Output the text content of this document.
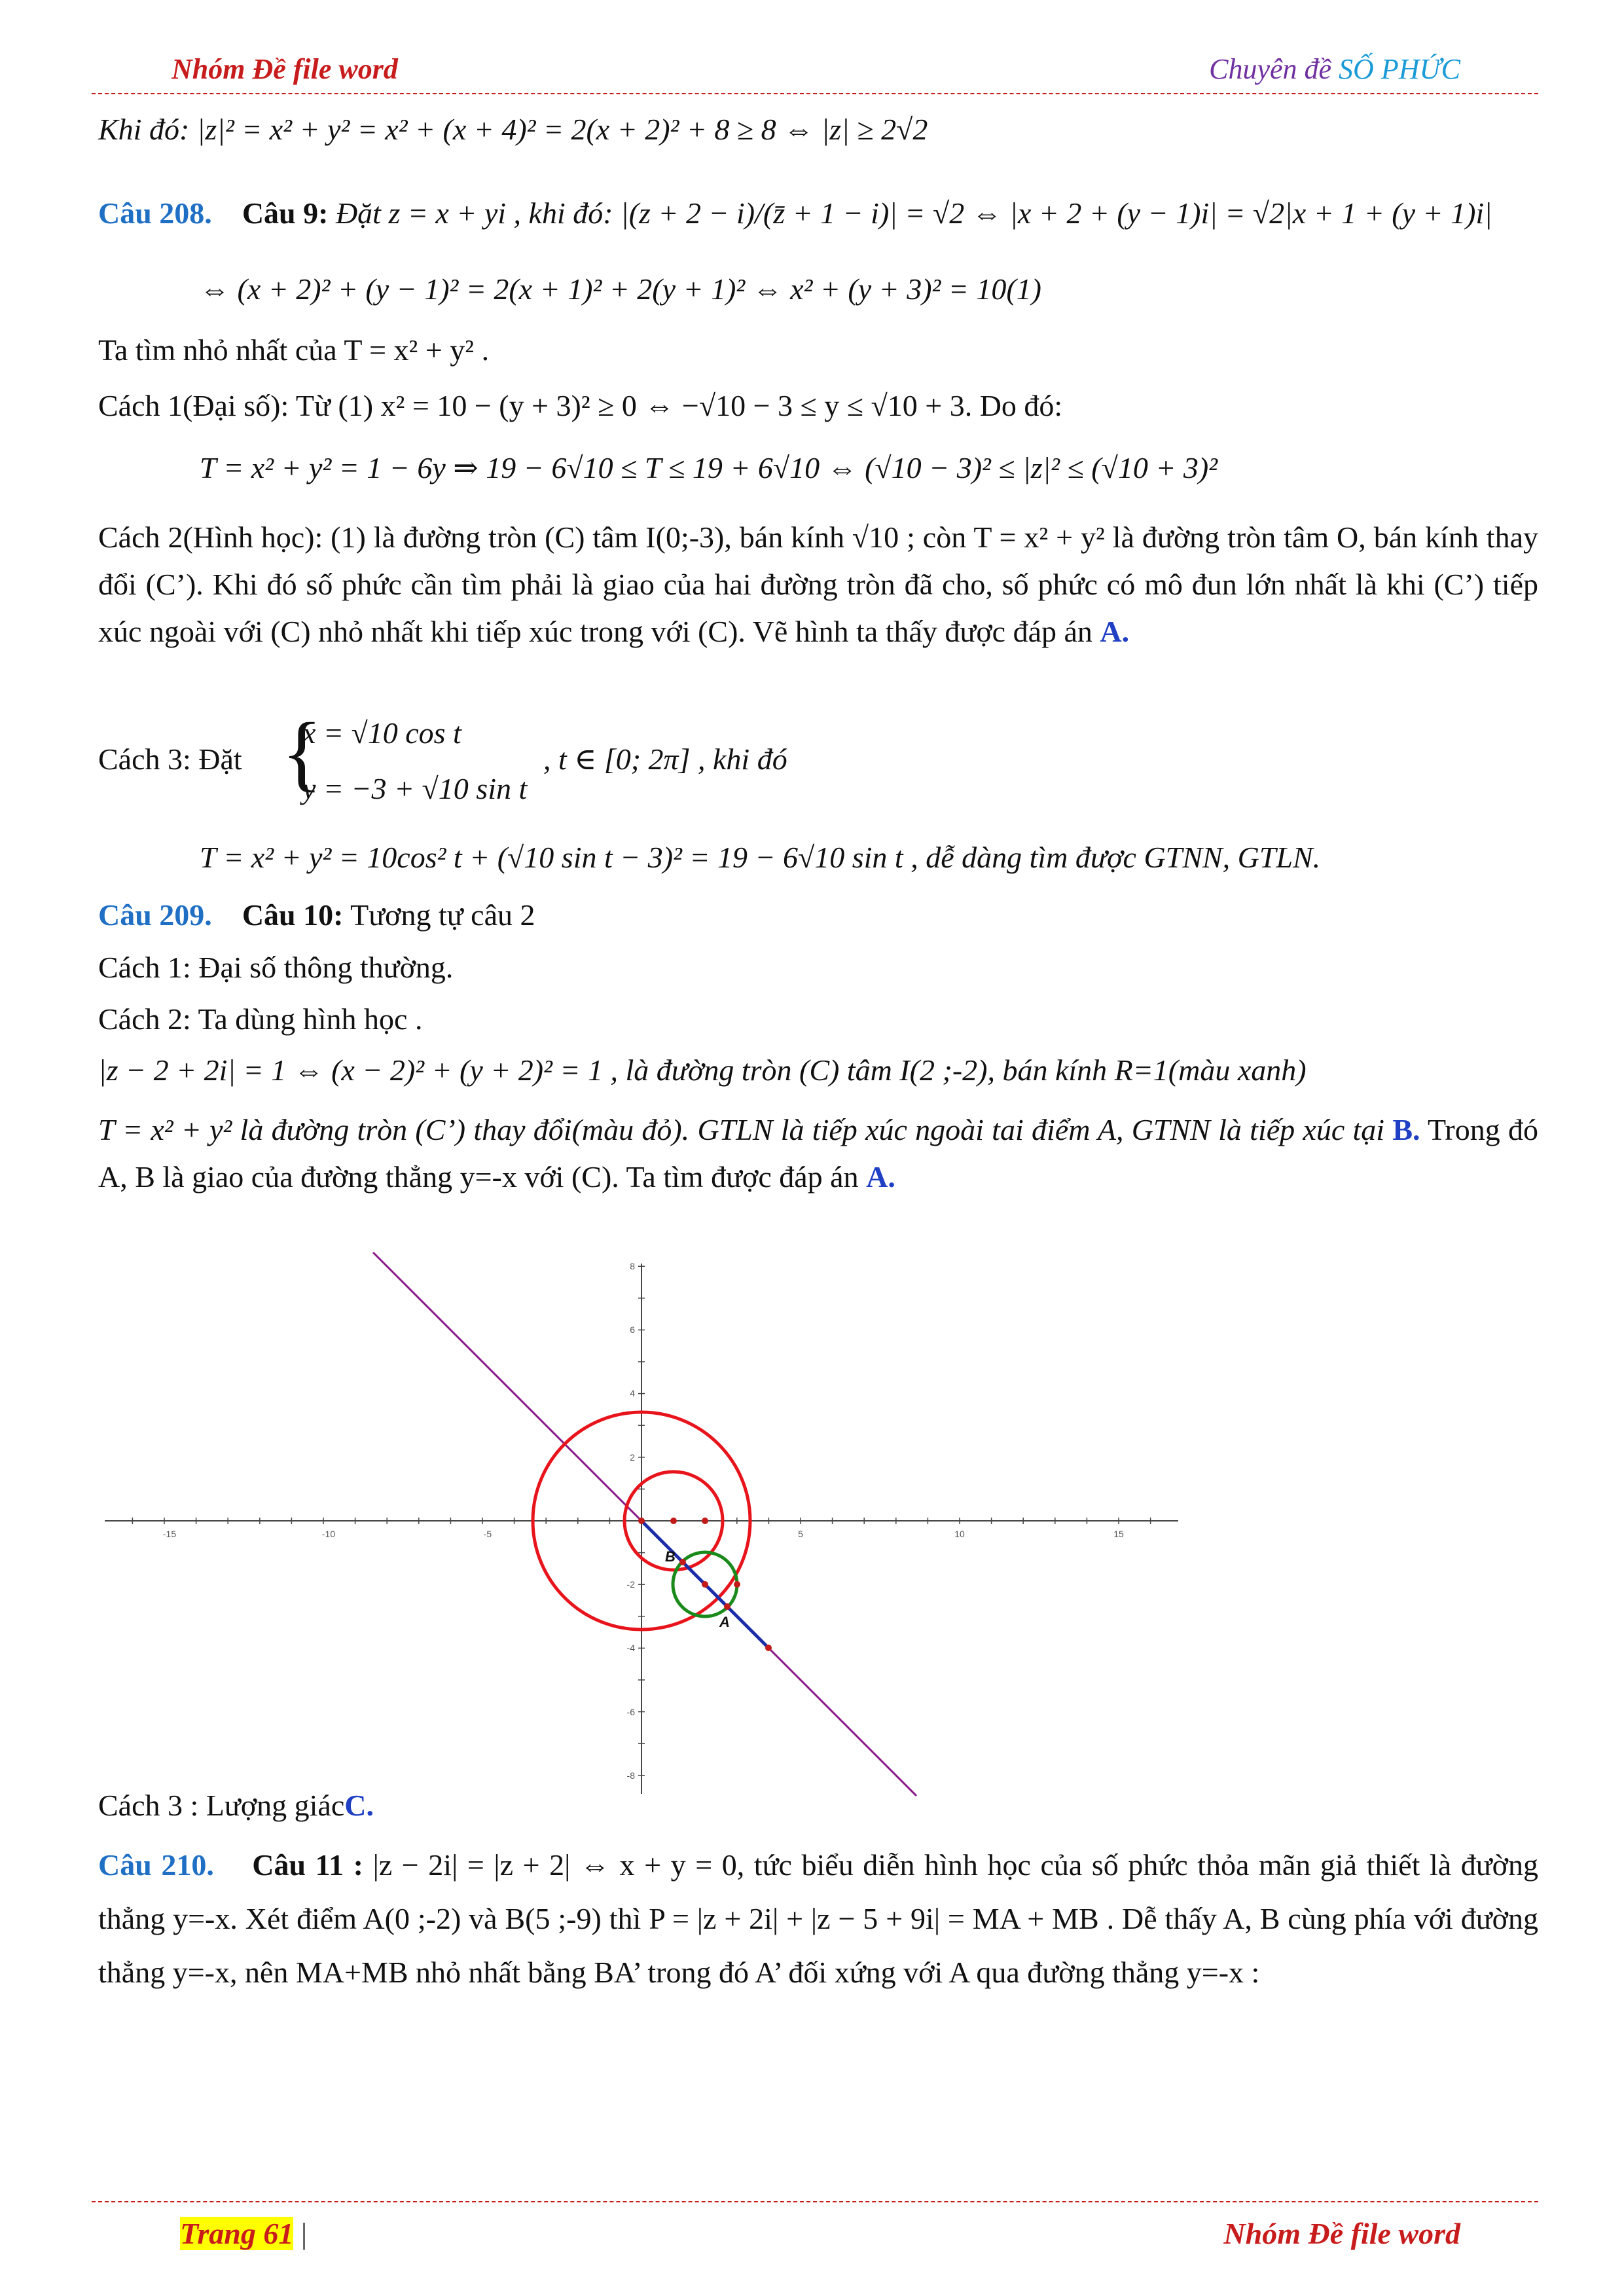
Nhóm Đề file word	Chuyên đề SỐ PHỨC
Khi đó: |z|² = x² + y² = x² + (x + 4)² = 2(x + 2)² + 8 ≥ 8 ⇔ |z| ≥ 2√2
Câu 208. Câu 9: Đặt z = x + yi , khi đó: |(z + 2 − i)/(z̄ + 1 − i)| = √2 ⇔ |x + 2 + (y − 1)i| = √2|x + 1 + (y + 1)i|
⇔ (x + 2)² + (y − 1)² = 2(x + 1)² + 2(y + 1)² ⇔ x² + (y + 3)² = 10(1)
Ta tìm nhỏ nhất của T = x² + y² .
Cách 1(Đại số): Từ (1) x² = 10 − (y + 3)² ≥ 0 ⇔ −√10 − 3 ≤ y ≤ √10 + 3. Do đó:
T = x² + y² = 1 − 6y ⇒ 19 − 6√10 ≤ T ≤ 19 + 6√10 ⇔ (√10 − 3)² ≤ |z|² ≤ (√10 + 3)²
Cách 2(Hình học): (1) là đường tròn (C) tâm I(0;-3), bán kính √10 ; còn T = x² + y² là đường tròn tâm O, bán kính thay đổi (C’). Khi đó số phức cần tìm phải là giao của hai đường tròn đã cho, số phức có mô đun lớn nhất là khi (C’) tiếp xúc ngoài với (C) nhỏ nhất khi tiếp xúc trong với (C). Vẽ hình ta thấy được đáp án A.
Cách 3: Đặt {
x = √10 cos t
y = −3 + √10 sin t
, t ∈ [0; 2π] , khi đó
T = x² + y² = 10cos² t + (√10 sin t − 3)² = 19 − 6√10 sin t , dễ dàng tìm được GTNN, GTLN.
Câu 209. Câu 10: Tương tự câu 2
Cách 1: Đại số thông thường.
Cách 2: Ta dùng hình học .
|z − 2 + 2i| = 1 ⇔ (x − 2)² + (y + 2)² = 1 , là đường tròn (C) tâm I(2 ;-2), bán kính R=1(màu xanh)
T = x² + y² là đường tròn (C’) thay đổi(màu đỏ). GTLN là tiếp xúc ngoài tai điểm A, GTNN là tiếp xúc tại B. Trong đó A, B là giao của đường thẳng y=-x với (C). Ta tìm được đáp án A.
-15	-10	-5	5	10	15
8
6
4
2
-2
-4
-6
-8
B
A
Cách 3 : Lượng giácC.
Câu 210. Câu 11 : |z − 2i| = |z + 2| ⇔ x + y = 0, tức biểu diễn hình học của số phức thỏa mãn giả thiết là đường thẳng y=-x. Xét điểm A(0 ;-2) và B(5 ;-9) thì P = |z + 2i| + |z − 5 + 9i| = MA + MB . Dễ thấy A, B cùng phía với đường thẳng y=-x, nên MA+MB nhỏ nhất bằng BA’ trong đó A’ đối xứng với A qua đường thẳng y=-x :
Trang 61 |	Nhóm Đề file word
